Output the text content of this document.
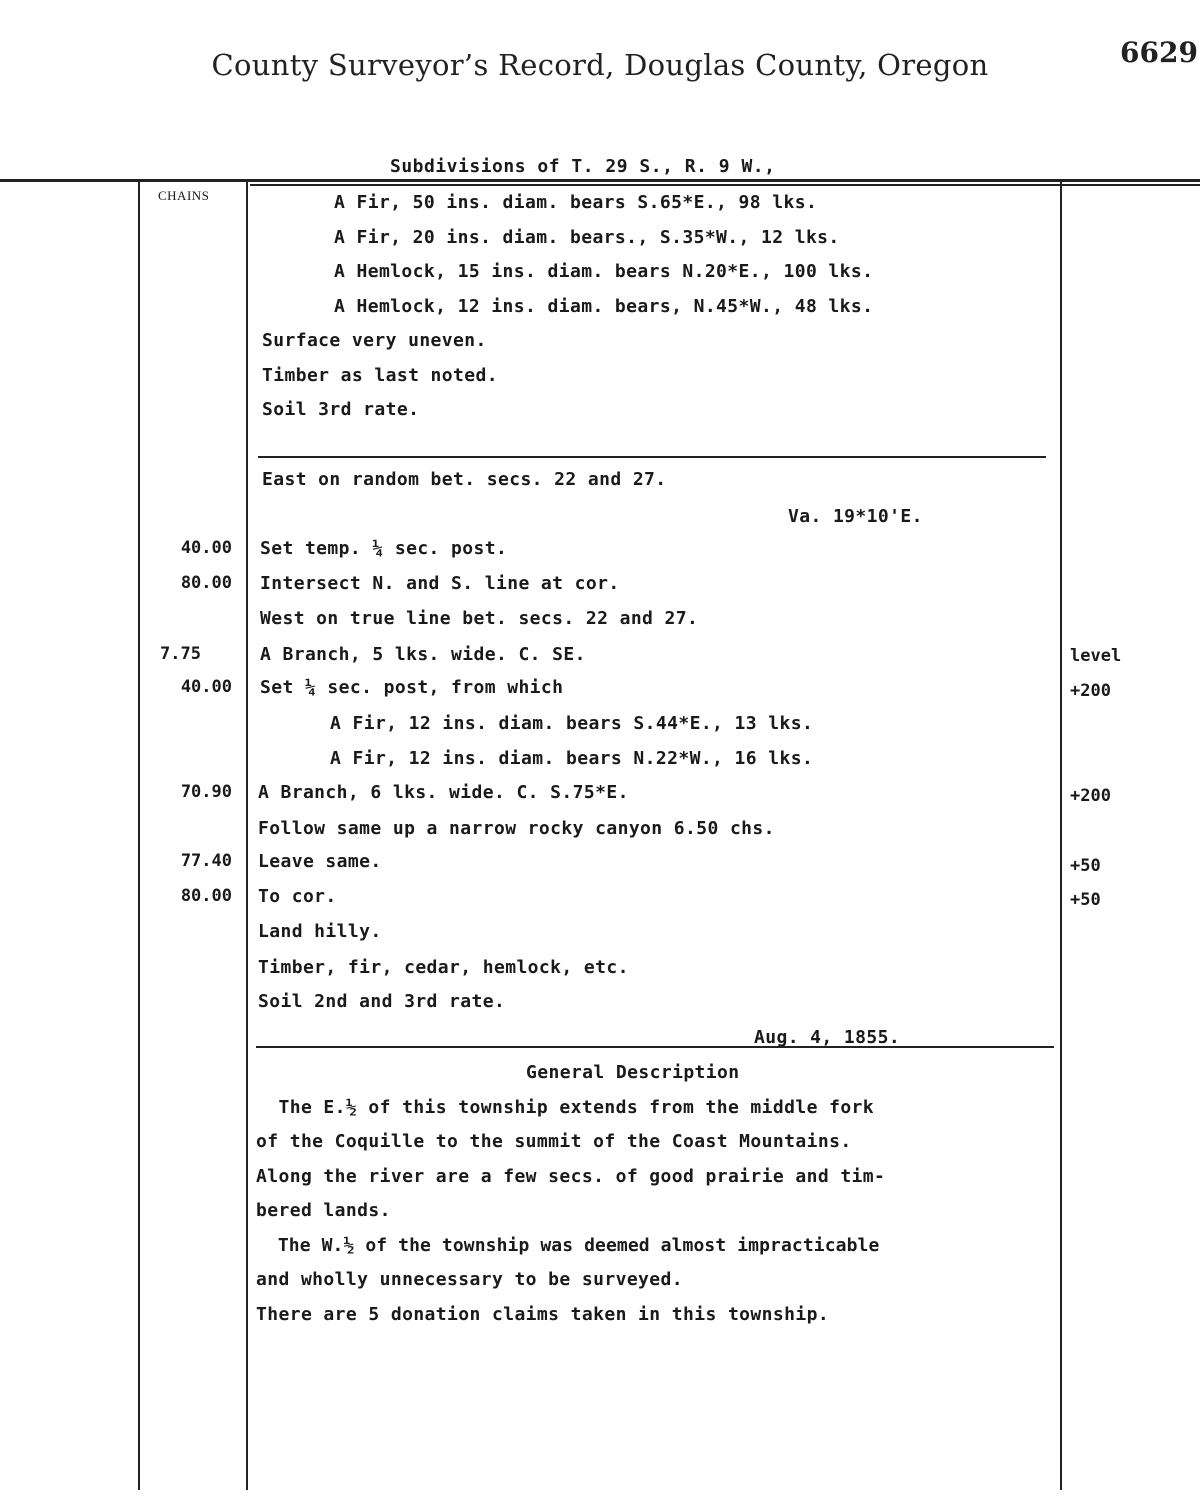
County Surveyor’s Record, Douglas County, Oregon	6629
Subdivisions of T. 29 S., R. 9 W.,
CHAINS	A Fir, 50 ins. diam. bears S.65*E., 98 lks.
A Fir, 20 ins. diam. bears., S.35*W., 12 lks.
A Hemlock, 15 ins. diam. bears N.20*E., 100 lks.
A Hemlock, 12 ins. diam. bears, N.45*W., 48 lks.
Surface very uneven.
Timber as last noted.
Soil 3rd rate.
East on random bet. secs. 22 and 27.
Va. 19*10'E.
40.00 Set temp. ¼ sec. post.
80.00 Intersect N. and S. line at cor.
West on true line bet. secs. 22 and 27.
7.75	A Branch, 5 lks. wide. C. SE.	level
40.00 Set ¼ sec. post, from which	+200
A Fir, 12 ins. diam. bears S.44*E., 13 lks.
A Fir, 12 ins. diam. bears N.22*W., 16 lks.
70.90 A Branch, 6 lks. wide. C. S.75*E.	+200
Follow same up a narrow rocky canyon 6.50 chs.
77.40 Leave same.	+50
80.00 To cor.	+50
Land hilly.
Timber, fir, cedar, hemlock, etc.
Soil 2nd and 3rd rate.
Aug. 4, 1855.
General Description
The E.½ of this township extends from the middle fork
of the Coquille to the summit of the Coast Mountains.
Along the river are a few secs. of good prairie and tim-
bered lands.
The W.½ of the township was deemed almost impracticable
and wholly unnecessary to be surveyed.
There are 5 donation claims taken in this township.
